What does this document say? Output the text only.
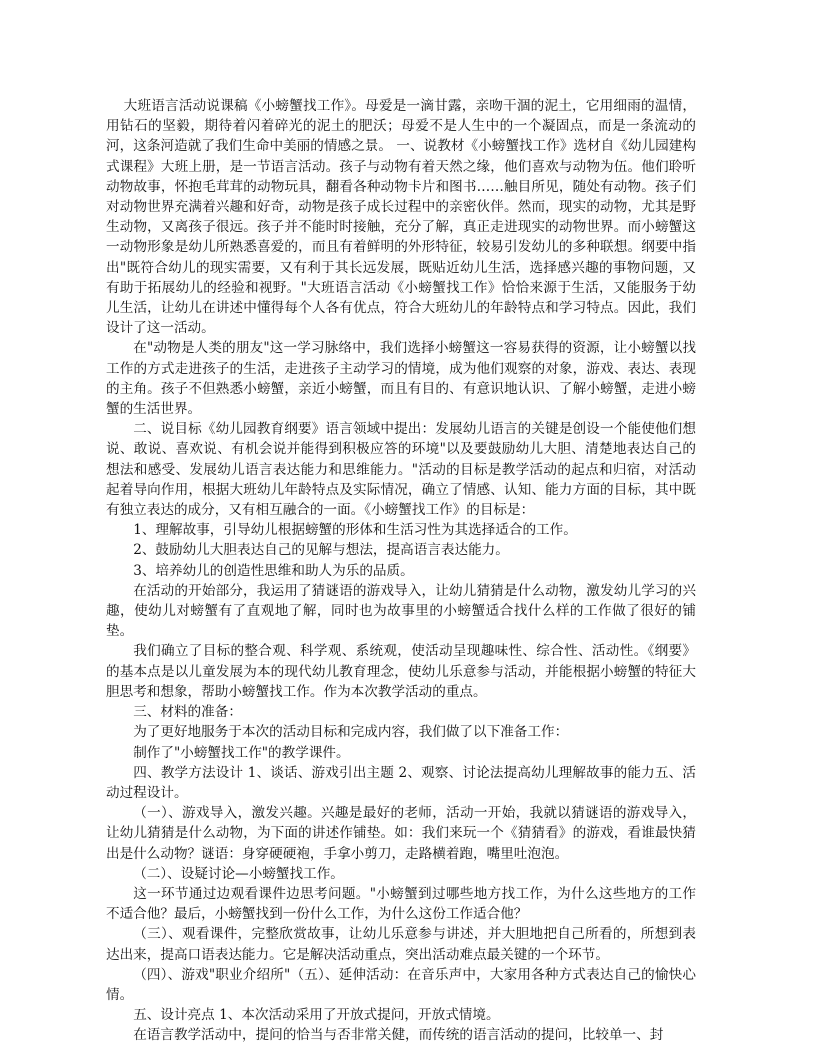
大班语言活动说课稿《小螃蟹找工作》。母爱是一滴甘露，亲吻干涸的泥土，它用细雨的温情，用钻石的坚毅，期待着闪着碎光的泥土的肥沃；母爱不是人生中的一个凝固点，而是一条流动的河，这条河造就了我们生命中美丽的情感之景。 一、说教材《小螃蟹找工作》选材自《幼儿园建构式课程》大班上册，是一节语言活动。孩子与动物有着天然之缘，他们喜欢与动物为伍。他们聆听动物故事，怀抱毛茸茸的动物玩具，翻看各种动物卡片和图书……触目所见，随处有动物。孩子们对动物世界充满着兴趣和好奇，动物是孩子成长过程中的亲密伙伴。然而，现实的动物，尤其是野生动物，又离孩子很远。孩子并不能时时接触，充分了解，真正走进现实的动物世界。而小螃蟹这一动物形象是幼儿所熟悉喜爱的，而且有着鲜明的外形特征，较易引发幼儿的多种联想。纲要中指出"既符合幼儿的现实需要，又有利于其长远发展，既贴近幼儿生活，选择感兴趣的事物问题，又有助于拓展幼儿的经验和视野。"大班语言活动《小螃蟹找工作》恰恰来源于生活，又能服务于幼儿生活，让幼儿在讲述中懂得每个人各有优点，符合大班幼儿的年龄特点和学习特点。因此，我们设计了这一活动。

在"动物是人类的朋友"这一学习脉络中，我们选择小螃蟹这一容易获得的资源，让小螃蟹以找工作的方式走进孩子的生活，走进孩子主动学习的情境，成为他们观察的对象，游戏、表达、表现的主角。孩子不但熟悉小螃蟹，亲近小螃蟹，而且有目的、有意识地认识、了解小螃蟹，走进小螃蟹的生活世界。

二、说目标《幼儿园教育纲要》语言领域中提出：发展幼儿语言的关键是创设一个能使他们想说、敢说、喜欢说、有机会说并能得到积极应答的环境"以及要鼓励幼儿大胆、清楚地表达自己的想法和感受、发展幼儿语言表达能力和思维能力。"活动的目标是教学活动的起点和归宿，对活动起着导向作用，根据大班幼儿年龄特点及实际情况，确立了情感、认知、能力方面的目标，其中既有独立表达的成分，又有相互融合的一面。《小螃蟹找工作》的目标是：

1、理解故事，引导幼儿根据螃蟹的形体和生活习性为其选择适合的工作。

2、鼓励幼儿大胆表达自己的见解与想法，提高语言表达能力。

3、培养幼儿的创造性思维和助人为乐的品质。

在活动的开始部分，我运用了猜谜语的游戏导入，让幼儿猜猜是什么动物，激发幼儿学习的兴趣，使幼儿对螃蟹有了直观地了解，同时也为故事里的小螃蟹适合找什么样的工作做了很好的铺垫。

我们确立了目标的整合观、科学观、系统观，使活动呈现趣味性、综合性、活动性。《纲要》的基本点是以儿童发展为本的现代幼儿教育理念，使幼儿乐意参与活动，并能根据小螃蟹的特征大胆思考和想象，帮助小螃蟹找工作。作为本次教学活动的重点。

三、材料的准备：

为了更好地服务于本次的活动目标和完成内容，我们做了以下准备工作：

制作了"小螃蟹找工作"的教学课件。

四、教学方法设计 1、谈话、游戏引出主题 2、观察、讨论法提高幼儿理解故事的能力五、活动过程设计。

（一）、游戏导入，激发兴趣。兴趣是最好的老师，活动一开始，我就以猜谜语的游戏导入，让幼儿猜猜是什么动物，为下面的讲述作铺垫。如：我们来玩一个《猜猜看》的游戏，看谁最快猜出是什么动物？谜语：身穿硬硬袍，手拿小剪刀，走路横着跑，嘴里吐泡泡。

（二）、设疑讨论—小螃蟹找工作。

这一环节通过边观看课件边思考问题。"小螃蟹到过哪些地方找工作，为什么这些地方的工作不适合他？最后，小螃蟹找到一份什么工作，为什么这份工作适合他？

（三）、观看课件，完整欣赏故事，让幼儿乐意参与讲述，并大胆地把自己所看的，所想到表达出来，提高口语表达能力。它是解决活动重点，突出活动难点最关键的一个环节。

（四）、游戏"职业介绍所"（五）、延伸活动：在音乐声中，大家用各种方式表达自己的愉快心情。

五、设计亮点 1、本次活动采用了开放式提问，开放式情境。

在语言教学活动中，提问的恰当与否非常关健，而传统的语言活动的提问，比较单一、封
